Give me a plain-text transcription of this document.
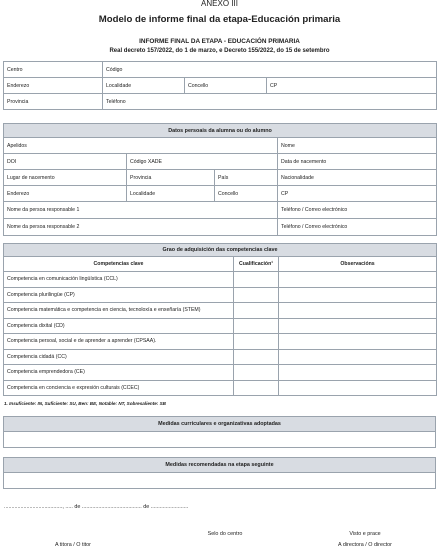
ANEXO III
Modelo de informe final da etapa-Educación primaria
INFORME FINAL DA ETAPA - EDUCACIÓN PRIMARIA
Real decreto 157/2022, do 1 de marzo, e Decreto 155/2022, do 15 de setembro
Centro	Código		
Enderezo	Localidade	Concello	CP
Provincia	Teléfono		
Datos persoais da alumna ou do alumno			
Apelidos			Nome
DOI	Código XADE		Data de nacemento
Lugar de nacemento	Provincia	País	Nacionalidade
Enderezo	Localidade	Concello	CP
Nome da persoa responsable 1			Teléfono / Correo electrónico
Nome da persoa responsable 2			Teléfono / Correo electrónico
Grao de adquisición das competencias clave		
Competencias clave	Cualificación¹	Observacións
Competencia en comunicación lingüística (CCL)		
Competencia plurilingüe (CP)		
Competencia matemática e competencia en ciencia, tecnoloxía e enxeñaría (STEM)		
Competencia dixital (CD)		
Competencia persoal, social e de aprender a aprender (CPSAA).		
Competencia cidadá (CC)		
Competencia emprendedora (CE)		
Competencia en conciencia e expresión culturais (CCEC)		
1. Insuficiente: IN, Suficiente: SU, Ben: BE, Notable: NT, Sobresaliente: SB
Medidas curriculares e organizativas adoptadas

Medidas recomendadas na etapa seguinte

......................................., ..... de ........................................ de .........................
Selo do centro	Visto e prace
A titora / O titor	A directora / O director
